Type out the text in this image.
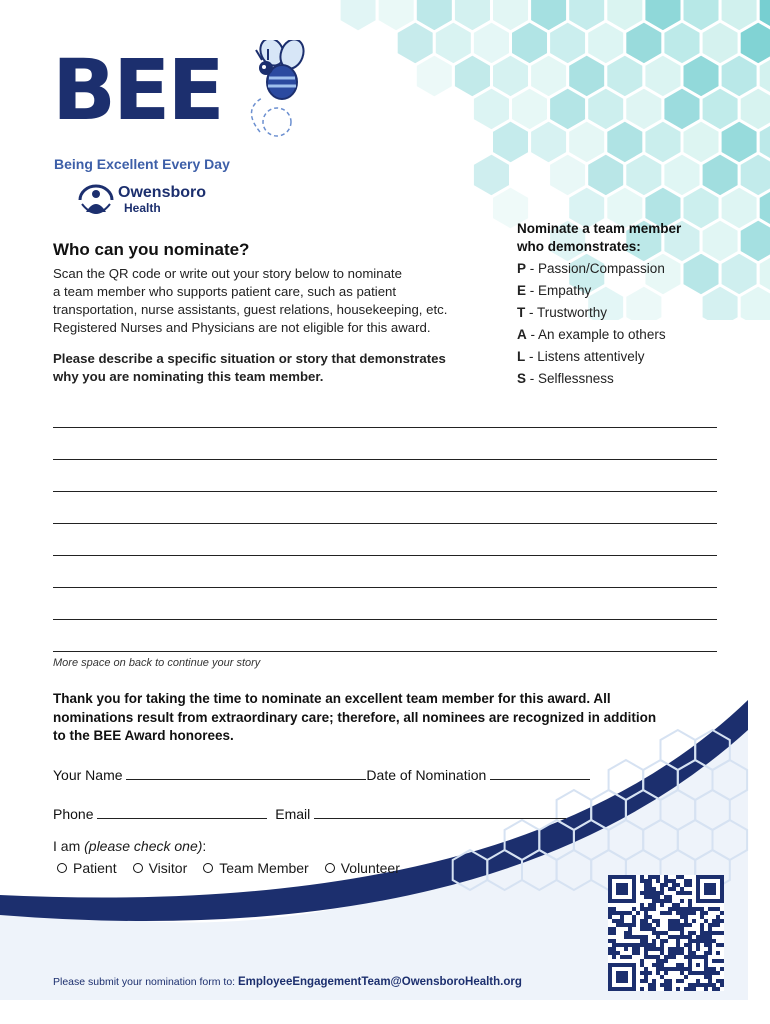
BEE
Being Excellent Every Day
Owensboro
Health
Who can you nominate?
Scan the QR code or write out your story below to nominate
a team member who supports patient care, such as patient
transportation, nurse assistants, guest relations, housekeeping, etc.
Registered Nurses and Physicians are not eligible for this award.
Please describe a specific situation or story that demonstrates
why you are nominating this team member.
Nominate a team member
who demonstrates:
P - Passion/Compassion
E - Empathy
T - Trustworthy
A - An example to others
L - Listens attentively
S - Selflessness
More space on back to continue your story
Thank you for taking the time to nominate an excellent team member for this award. All
nominations result from extraordinary care; therefore, all nominees are recognized in addition
to the BEE Award honorees.
Your Name	Date of Nomination
Phone	Email
I am (please check one):
Patient Visitor Team Member Volunteer
Please submit your nomination form to: EmployeeEngagementTeam@OwensboroHealth.org
